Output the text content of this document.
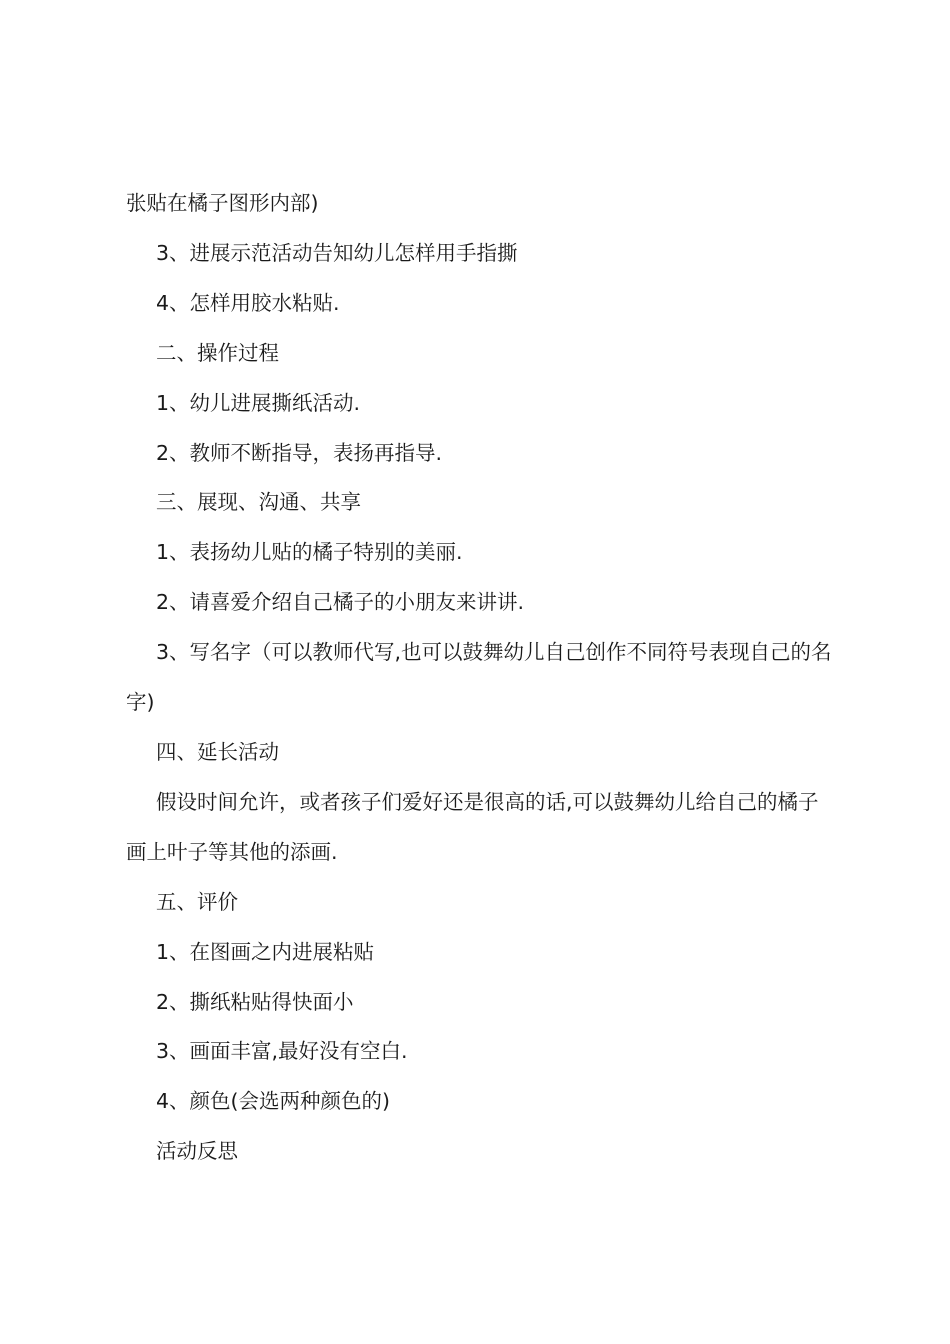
张贴在橘子图形内部)

3、进展示范活动告知幼儿怎样用手指撕

4、怎样用胶水粘贴.

二、操作过程

1、幼儿进展撕纸活动.

2、教师不断指导，表扬再指导.

三、展现、沟通、共享

1、表扬幼儿贴的橘子特别的美丽.

2、请喜爱介绍自己橘子的小朋友来讲讲.

3、写名字（可以教师代写,也可以鼓舞幼儿自己创作不同符号表现自己的名字)

四、延长活动

假设时间允许，或者孩子们爱好还是很高的话,可以鼓舞幼儿给自己的橘子画上叶子等其他的添画.

五、评价

1、在图画之内进展粘贴

2、撕纸粘贴得快面小

3、画面丰富,最好没有空白.

4、颜色(会选两种颜色的)

活动反思
